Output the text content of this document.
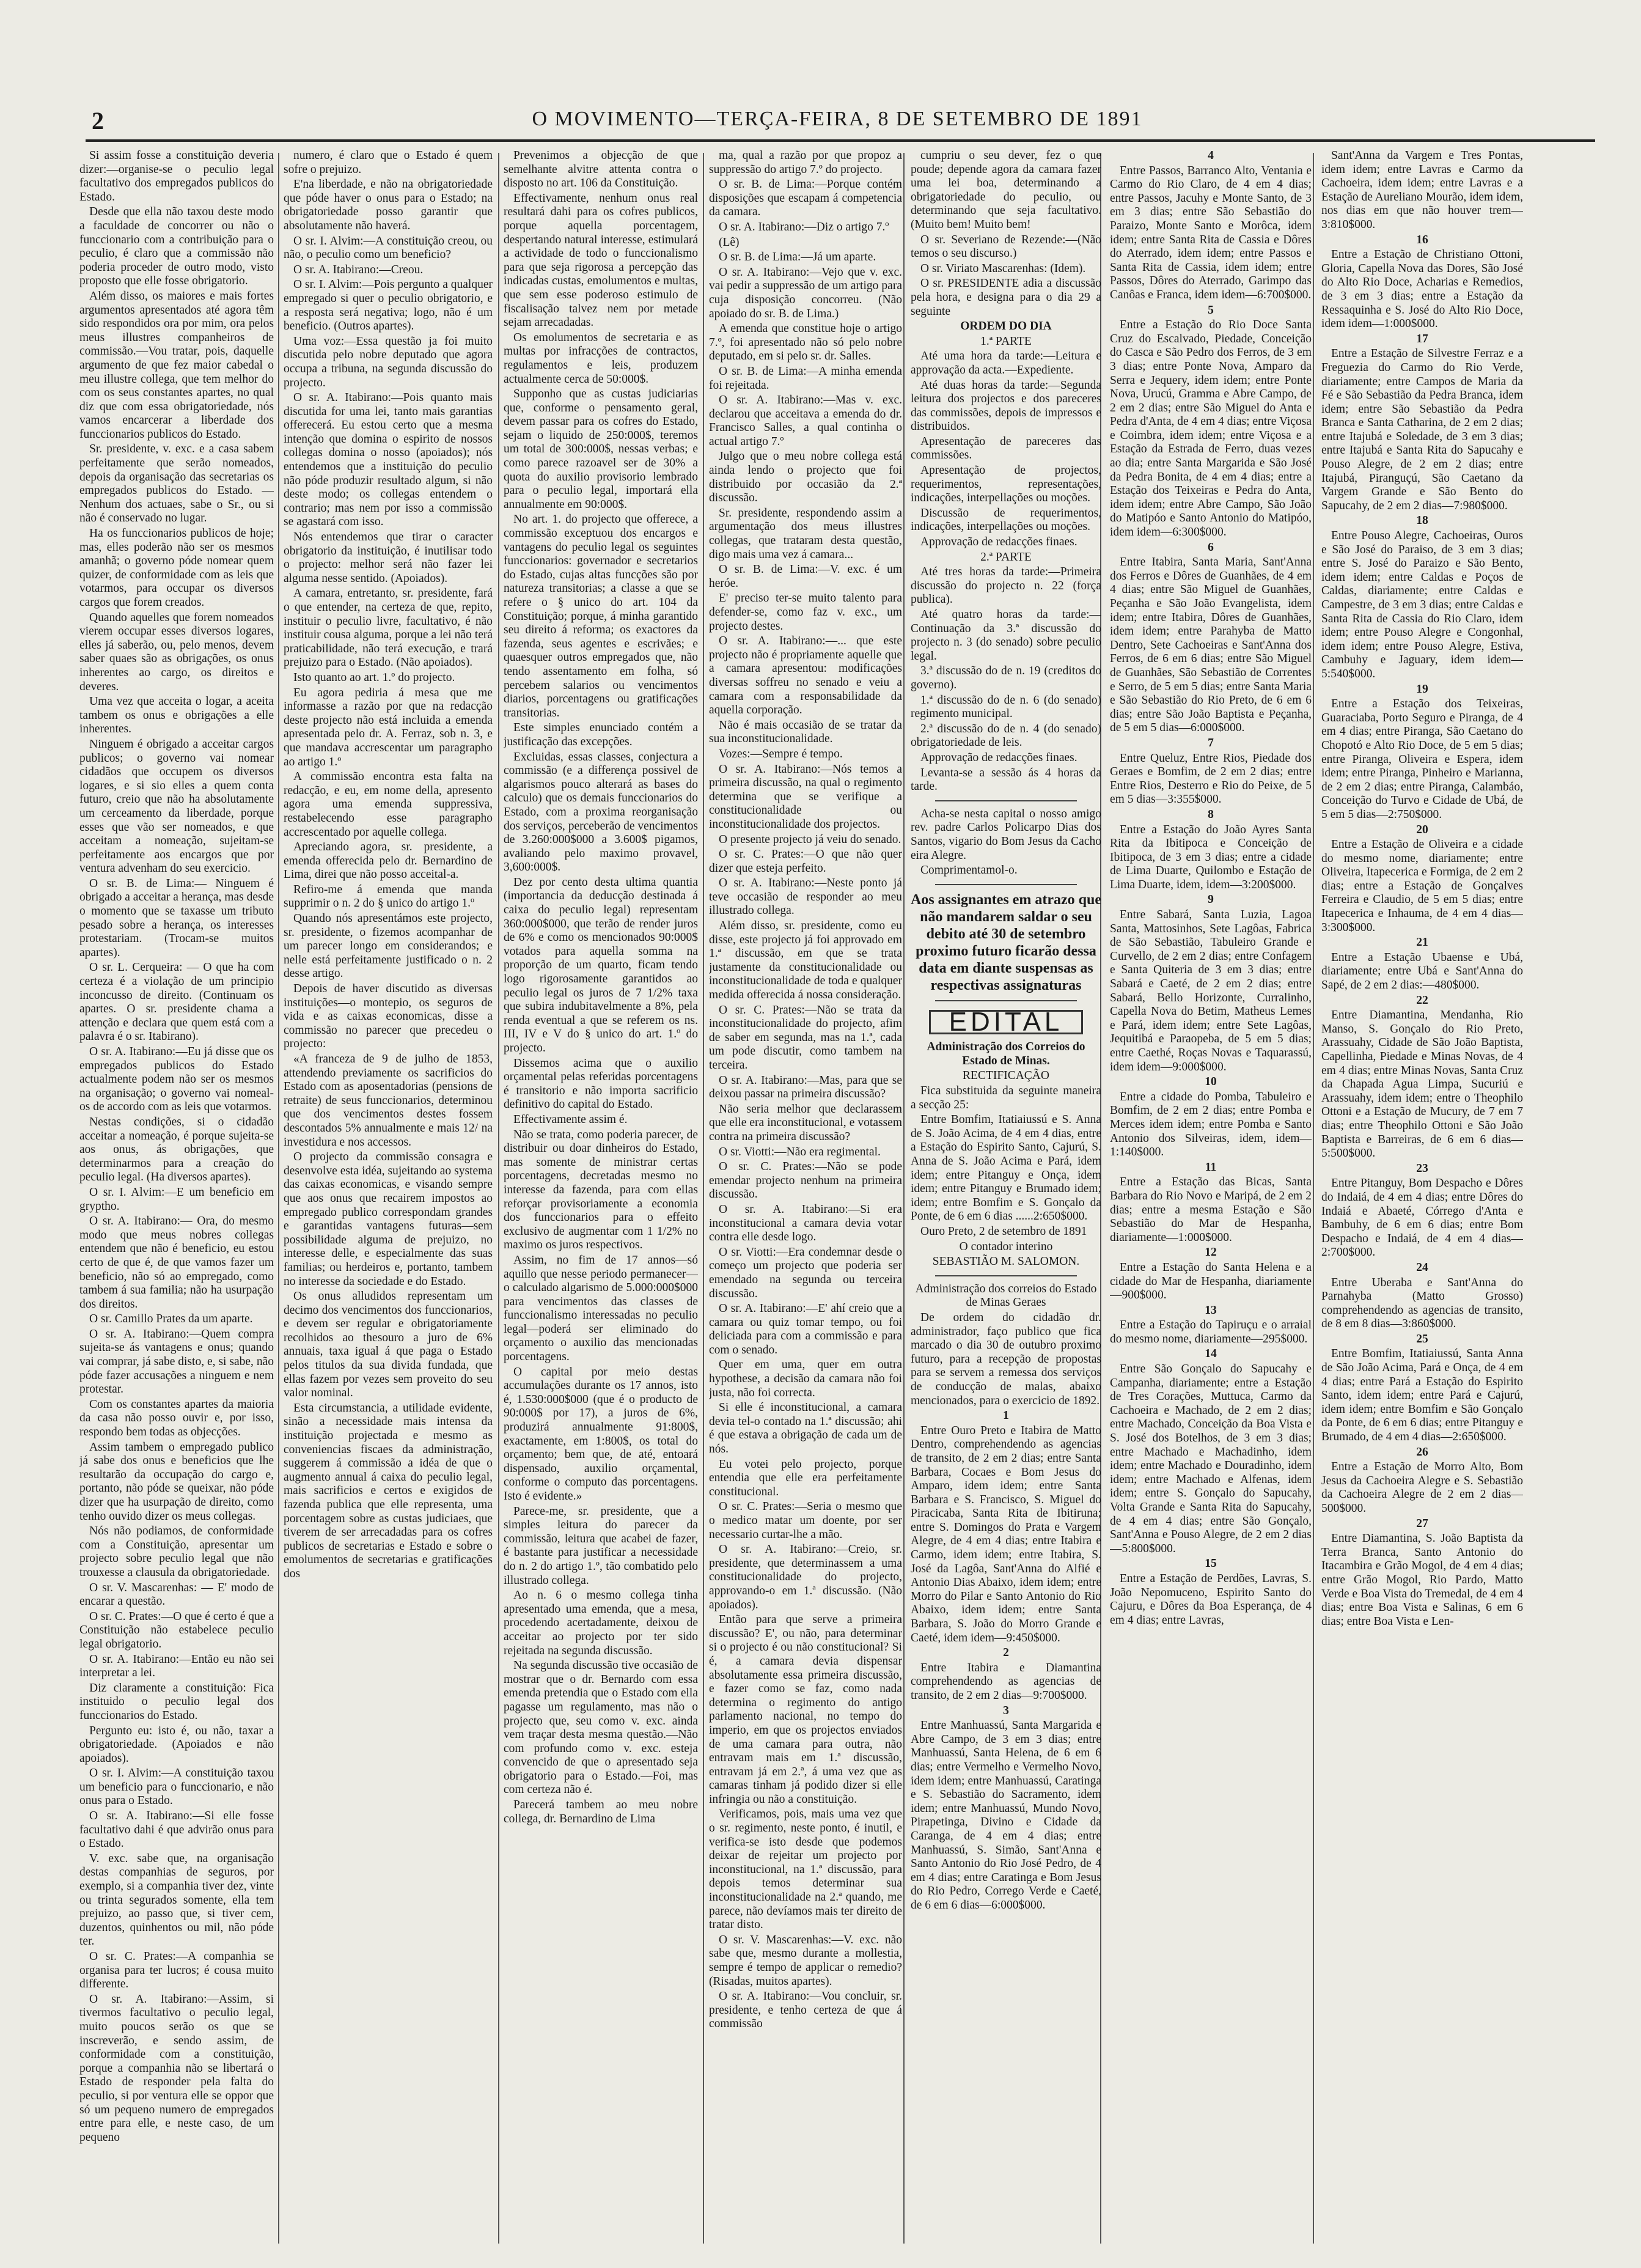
2	O MOVIMENTO—TERÇA-FEIRA, 8 DE SETEMBRO DE 1891

Si assim fosse a constituição deveria dizer:—organise-se o peculio legal facultativo dos empregados publicos do Estado.

Desde que ella não taxou deste modo a faculdade de concorrer ou não o funccionario com a contribuição para o peculio, é claro que a commissão não poderia proceder de outro modo, visto proposto que elle fosse obrigatorio.

Além disso, os maiores e mais fortes argumentos apresentados até agora têm sido respondidos ora por mim, ora pelos meus illustres companheiros de commissão.—Vou tratar, pois, daquelle argumento de que fez maior cabedal o meu illustre collega, que tem melhor do com os seus constantes apartes, no qual diz que com essa obrigatoriedade, nós vamos encarcerar a liberdade dos funccionarios publicos do Estado.

Sr. presidente, v. exc. e a casa sabem perfeitamente que serão nomeados, depois da organisação das secretarias os empregados publicos do Estado. —Nenhum dos actuaes, sabe o Sr., ou si não é conservado no lugar.

Ha os funccionarios publicos de hoje; mas, elles poderão não ser os mesmos amanhã; o governo póde nomear quem quizer, de conformidade com as leis que votarmos, para occupar os diversos cargos que forem creados.

Quando aquelles que forem nomeados vierem occupar esses diversos logares, elles já saberão, ou, pelo menos, devem saber quaes são as obrigações, os onus inherentes ao cargo, os direitos e deveres.

Uma vez que acceita o logar, a aceita tambem os onus e obrigações a elle inherentes.

Ninguem é obrigado a acceitar cargos publicos; o governo vai nomear cidadãos que occupem os diversos logares, e si sio elles a quem conta futuro, creio que não ha absolutamente um cerceamento da liberdade, porque esses que vão ser nomeados, e que acceitam a nomeação, sujeitam-se perfeitamente aos encargos que por ventura advenham do seu exercicio.

O sr. B. de Lima:— Ninguem é obrigado a acceitar a herança, mas desde o momento que se taxasse um tributo pesado sobre a herança, os interesses protestariam. (Trocam-se muitos apartes).

O sr. L. Cerqueira: — O que ha com certeza é a violação de um principio inconcusso de direito. (Continuam os apartes. O sr. presidente chama a attenção e declara que quem está com a palavra é o sr. Itabirano).

O sr. A. Itabirano:—Eu já disse que os empregados publicos do Estado actualmente podem não ser os mesmos na organisação; o governo vai nomeal-os de accordo com as leis que votarmos.

Nestas condições, si o cidadão acceitar a nomeação, é porque sujeita-se aos onus, ás obrigações, que determinarmos para a creação do peculio legal. (Ha diversos apartes).

O sr. I. Alvim:—E um beneficio em gryptho.

O sr. A. Itabirano:— Ora, do mesmo modo que meus nobres collegas entendem que não é beneficio, eu estou certo de que é, de que vamos fazer um beneficio, não só ao empregado, como tambem á sua familia; não ha usurpação dos direitos.

O sr. Camillo Prates da um aparte.

O sr. A. Itabirano:—Quem compra sujeita-se ás vantagens e onus; quando vai comprar, já sabe disto, e, si sabe, não póde fazer accusações a ninguem e nem protestar.

Com os constantes apartes da maioria da casa não posso ouvir e, por isso, respondo bem todas as objecções.

Assim tambem o empregado publico já sabe dos onus e beneficios que lhe resultarão da occupação do cargo e, portanto, não póde se queixar, não póde dizer que ha usurpação de direito, como tenho ouvido dizer os meus collegas.

Nós não podiamos, de conformidade com a Constituição, apresentar um projecto sobre peculio legal que não trouxesse a clausula da obrigatoriedade.

O sr. V. Mascarenhas: — E' modo de encarar a questão.

O sr. C. Prates:—O que é certo é que a Constituição não estabelece peculio legal obrigatorio.

O sr. A. Itabirano:—Então eu não sei interpretar a lei.

Diz claramente a constituição: Fica instituido o peculio legal dos funccionarios do Estado.

Pergunto eu: isto é, ou não, taxar a obrigatoriedade. (Apoiados e não apoiados).

O sr. I. Alvim:—A constituição taxou um beneficio para o funccionario, e não onus para o Estado.

O sr. A. Itabirano:—Si elle fosse facultativo dahi é que advirão onus para o Estado.

V. exc. sabe que, na organisação destas companhias de seguros, por exemplo, si a companhia tiver dez, vinte ou trinta segurados somente, ella tem prejuizo, ao passo que, si tiver cem, duzentos, quinhentos ou mil, não póde ter.

O sr. C. Prates:—A companhia se organisa para ter lucros; é cousa muito differente.

O sr. A. Itabirano:—Assim, si tivermos facultativo o peculio legal, muito poucos serão os que se inscreverão, e sendo assim, de conformidade com a constituição, porque a companhia não se libertará o Estado de responder pela falta do peculio, si por ventura elle se oppor que só um pequeno numero de empregados entre para elle, e neste caso, de um pequeno

numero, é claro que o Estado é quem sofre o prejuizo.

E'na liberdade, e não na obrigatoriedade que póde haver o onus para o Estado; na obrigatoriedade posso garantir que absolutamente não haverá.

O sr. I. Alvim:—A constituição creou, ou não, o peculio como um beneficio?

O sr. A. Itabirano:—Creou.

O sr. I. Alvim:—Pois pergunto a qualquer empregado si quer o peculio obrigatorio, e a resposta será negativa; logo, não é um beneficio. (Outros apartes).

Uma voz:—Essa questão ja foi muito discutida pelo nobre deputado que agora occupa a tribuna, na segunda discussão do projecto.

O sr. A. Itabirano:—Pois quanto mais discutida for uma lei, tanto mais garantias offerecerá. Eu estou certo que a mesma intenção que domina o espirito de nossos collegas domina o nosso (apoiados); nós entendemos que a instituição do peculio não póde produzir resultado algum, si não deste modo; os collegas entendem o contrario; mas nem por isso a commissão se agastará com isso.

Nós entendemos que tirar o caracter obrigatorio da instituição, é inutilisar todo o projecto: melhor será não fazer lei alguma nesse sentido. (Apoiados).

A camara, entretanto, sr. presidente, fará o que entender, na certeza de que, repito, instituir o peculio livre, facultativo, é não instituir cousa alguma, porque a lei não terá praticabilidade, não terá execução, e trará prejuizo para o Estado. (Não apoiados).

Isto quanto ao art. 1.º do projecto.

Eu agora pediria á mesa que me informasse a razão por que na redacção deste projecto não está incluida a emenda apresentada pelo dr. A. Ferraz, sob n. 3, e que mandava accrescentar um paragrapho ao artigo 1.º

A commissão encontra esta falta na redacção, e eu, em nome della, apresento agora uma emenda suppressiva, restabelecendo esse paragrapho accrescentado por aquelle collega.

Apreciando agora, sr. presidente, a emenda offerecida pelo dr. Bernardino de Lima, direi que não posso acceital-a.

Refiro-me á emenda que manda supprimir o n. 2 do § unico do artigo 1.º

Quando nós apresentámos este projecto, sr. presidente, o fizemos acompanhar de um parecer longo em considerandos; e nelle está perfeitamente justificado o n. 2 desse artigo.

Depois de haver discutido as diversas instituições—o montepio, os seguros de vida e as caixas economicas, disse a commissão no parecer que precedeu o projecto:

«A franceza de 9 de julho de 1853, attendendo previamente os sacrificios do Estado com as aposentadorias (pensions de retraite) de seus funccionarios, determinou que dos vencimentos destes fossem descontados 5% annualmente e mais 12/ na investidura e nos accessos.

O projecto da commissão consagra e desenvolve esta idéa, sujeitando ao systema das caixas economicas, e visando sempre que aos onus que recairem impostos ao empregado publico correspondam grandes e garantidas vantagens futuras—sem possibilidade alguma de prejuizo, no interesse delle, e especialmente das suas familias; ou herdeiros e, portanto, tambem no interesse da sociedade e do Estado.

Os onus alludidos representam um decimo dos vencimentos dos funccionarios, e devem ser regular e obrigatoriamente recolhidos ao thesouro a juro de 6% annuais, taxa igual á que paga o Estado pelos titulos da sua divida fundada, que ellas fazem por vezes sem proveito do seu valor nominal.

Esta circumstancia, a utilidade evidente, sinão a necessidade mais intensa da instituição projectada e mesmo as conveniencias fiscaes da administração, suggerem á commissão a idéa de que o augmento annual á caixa do peculio legal, mais sacrificios e certos e exigidos de fazenda publica que elle representa, uma porcentagem sobre as custas judiciaes, que tiverem de ser arrecadadas para os cofres publicos de secretarias e Estado e sobre o emolumentos de secretarias e gratificações dos

Prevenimos a objecção de que semelhante alvitre attenta contra o disposto no art. 106 da Constituição.

Effectivamente, nenhum onus real resultará dahi para os cofres publicos, porque aquella porcentagem, despertando natural interesse, estimulará a actividade de todo o funccionalismo para que seja rigorosa a percepção das indicadas custas, emolumentos e multas, que sem esse poderoso estimulo de fiscalisação talvez nem por metade sejam arrecadadas.

Os emolumentos de secretaria e as multas por infracções de contractos, regulamentos e leis, produzem actualmente cerca de 50:000$.

Supponho que as custas judiciarias que, conforme o pensamento geral, devem passar para os cofres do Estado, sejam o liquido de 250:000$, teremos um total de 300:000$, nessas verbas; e como parece razoavel ser de 30% a quota do auxilio provisorio lembrado para o peculio legal, importará ella annualmente em 90:000$.

No art. 1. do projecto que offerece, a commissão exceptuou dos encargos e vantagens do peculio legal os seguintes funccionarios: governador e secretarios do Estado, cujas altas funcções são por natureza transitorias; a classe a que se refere o § unico do art. 104 da Constituição; porque, á minha garantido seu direito á reforma; os exactores da fazenda, seus agentes e escrivães; e quaesquer outros empregados que, não tendo assentamento em folha, só percebem salarios ou vencimentos diarios, porcentagens ou gratificações transitorias.

Este simples enunciado contém a justificação das excepções.

Excluidas, essas classes, conjectura a commissão (e a differença possivel de algarismos pouco alterará as bases do calculo) que os demais funccionarios do Estado, com a proxima reorganisação dos serviços, perceberão de vencimentos de 3.260:000$000 a 3.600$ pigamos, avaliando pelo maximo provavel, 3,600:000$.

Dez por cento desta ultima quantia (importancia da deducção destinada á caixa do peculio legal) representam 360:000$000, que terão de render juros de 6% e como os mencionados 90:000$ votados para aquella somma na proporção de um quarto, ficam tendo logo rigorosamente garantidos ao peculio legal os juros de 7 1/2% taxa que subira indubitavelmente a 8%, pela renda eventual a que se referem os ns. III, IV e V do § unico do art. 1.º do projecto.

Dissemos acima que o auxilio orçamental pelas referidas porcentagens é transitorio e não importa sacrificio definitivo do capital do Estado.

Effectivamente assim é.

Não se trata, como poderia parecer, de distribuir ou doar dinheiros do Estado, mas somente de ministrar certas porcentagens, decretadas mesmo no interesse da fazenda, para com ellas reforçar provisoriamente a economia dos funccionarios para o effeito exclusivo de augmentar com 1 1/2% no maximo os juros respectivos.

Assim, no fim de 17 annos—só aquillo que nesse periodo permanecer—o calculado algarismo de 5.000:000$000 para vencimentos das classes de funccionalismo interessadas no peculio legal—poderá ser eliminado do orçamento o auxilio das mencionadas porcentagens.

O capital por meio destas accumulações durante os 17 annos, isto é, 1.530:000$000 (que é o producto de 90:000$ por 17), a juros de 6%, produzirá annualmente 91:800$, exactamente, em 1:800$, os total do orçamento; bem que, de até, entoará dispensado, auxilio orçamental, conforme o computo das porcentagens. Isto é evidente.»

Parece-me, sr. presidente, que a simples leitura do parecer da commissão, leitura que acabei de fazer, é bastante para justificar a necessidade do n. 2 do artigo 1.º, tão combatido pelo illustrado collega.

Ao n. 6 o mesmo collega tinha apresentado uma emenda, que a mesa, procedendo acertadamente, deixou de acceitar ao projecto por ter sido rejeitada na segunda discussão.

Na segunda discussão tive occasião de mostrar que o dr. Bernardo com essa emenda pretendia que o Estado com ella pagasse um regulamento, mas não o projecto que, seu como v. exc. ainda vem traçar desta mesma questão.—Não com profundo como v. exc. esteja convencido de que o apresentado seja obrigatorio para o Estado.—Foi, mas com certeza não é.

Parecerá tambem ao meu nobre collega, dr. Bernardino de Lima

ma, qual a razão por que propoz a suppressão do artigo 7.º do projecto.

O sr. B. de Lima:—Porque contém disposições que escapam á competencia da camara.

O sr. A. Itabirano:—Diz o artigo 7.º

(Lê)

O sr. B. de Lima:—Já um aparte.

O sr. A. Itabirano:—Vejo que v. exc. vai pedir a suppressão de um artigo para cuja disposição concorreu. (Não apoiado do sr. B. de Lima.)

A emenda que constitue hoje o artigo 7.º, foi apresentado não só pelo nobre deputado, em si pelo sr. dr. Salles.

O sr. B. de Lima:—A minha emenda foi rejeitada.

O sr. A. Itabirano:—Mas v. exc. declarou que acceitava a emenda do dr. Francisco Salles, a qual continha o actual artigo 7.º

Julgo que o meu nobre collega está ainda lendo o projecto que foi distribuido por occasião da 2.ª discussão.

Sr. presidente, respondendo assim a argumentação dos meus illustres collegas, que trataram desta questão, digo mais uma vez á camara...

O sr. B. de Lima:—V. exc. é um heróe.

E' preciso ter-se muito talento para defender-se, como faz v. exc., um projecto destes.

O sr. A. Itabirano:—... que este projecto não é propriamente aquelle que a camara apresentou: modificações diversas soffreu no senado e veiu a camara com a responsabilidade da aquella corporação.

Não é mais occasião de se tratar da sua inconstitucionalidade.

Vozes:—Sempre é tempo.

O sr. A. Itabirano:—Nós temos a primeira discussão, na qual o regimento determina que se verifique a constitucionalidade ou inconstitucionalidade dos projectos.

O presente projecto já veiu do senado.

O sr. C. Prates:—O que não quer dizer que esteja perfeito.

O sr. A. Itabirano:—Neste ponto já teve occasião de responder ao meu illustrado collega.

Além disso, sr. presidente, como eu disse, este projecto já foi approvado em 1.ª discussão, em que se trata justamente da constitucionalidade ou inconstitucionalidade de toda e qualquer medida offerecida á nossa consideração.

O sr. C. Prates:—Não se trata da inconstitucionalidade do projecto, afim de saber em segunda, mas na 1.ª, cada um pode discutir, como tambem na terceira.

O sr. A. Itabirano:—Mas, para que se deixou passar na primeira discussão?

Não seria melhor que declarassem que elle era inconstitucional, e votassem contra na primeira discussão?

O sr. Viotti:—Não era regimental.

O sr. C. Prates:—Não se pode emendar projecto nenhum na primeira discussão.

O sr. A. Itabirano:—Si era inconstitucional a camara devia votar contra elle desde logo.

O sr. Viotti:—Era condemnar desde o começo um projecto que poderia ser emendado na segunda ou terceira discussão.

O sr. A. Itabirano:—E' ahí creio que a camara ou quiz tomar tempo, ou foi deliciada para com a commissão e para com o senado.

Quer em uma, quer em outra hypothese, a decisão da camara não foi justa, não foi correcta.

Si elle é inconstitucional, a camara devia tel-o contado na 1.ª discussão; ahi é que estava a obrigação de cada um de nós.

Eu votei pelo projecto, porque entendia que elle era perfeitamente constitucional.

O sr. C. Prates:—Seria o mesmo que o medico matar um doente, por ser necessario curtar-lhe a mão.

O sr. A. Itabirano:—Creio, sr. presidente, que determinassem a uma constitucionalidade do projecto, approvando-o em 1.ª discussão. (Não apoiados).

Então para que serve a primeira discussão? E', ou não, para determinar si o projecto é ou não constitucional? Si é, a camara devia dispensar absolutamente essa primeira discussão, e fazer como se faz, como nada determina o regimento do antigo parlamento nacional, no tempo do imperio, em que os projectos enviados de uma camara para outra, não entravam mais em 1.ª discussão, entravam já em 2.ª, á uma vez que as camaras tinham já podido dizer si elle infringia ou não a constituição.

Verificamos, pois, mais uma vez que o sr. regimento, neste ponto, é inutil, e verifica-se isto desde que podemos deixar de rejeitar um projecto por inconstitucional, na 1.ª discussão, para depois temos determinar sua inconstitucionalidade na 2.ª quando, me parece, não devíamos mais ter direito de tratar disto.

O sr. V. Mascarenhas:—V. exc. não sabe que, mesmo durante a mollestia, sempre é tempo de applicar o remedio? (Risadas, muitos apartes).

O sr. A. Itabirano:—Vou concluir, sr. presidente, e tenho certeza de que á commissão

cumpriu o seu dever, fez o que poude; depende agora da camara fazer uma lei boa, determinando a obrigatoriedade do peculio, ou determinando que seja facultativo. (Muito bem! Muito bem!

O sr. Severiano de Rezende:—(Não temos o seu discurso.)

O sr. Viriato Mascarenhas: (Idem).

O sr. PRESIDENTE adia a discussão pela hora, e designa para o dia 29 a seguinte

ORDEM DO DIA

1.ª PARTE

Até uma hora da tarde:—Leitura e approvação da acta.—Expediente.

Até duas horas da tarde:—Segunda leitura dos projectos e dos pareceres das commissões, depois de impressos e distribuidos.

Apresentação de pareceres das commissões.

Apresentação de projectos, requerimentos, representações, indicações, interpellações ou moções.

Discussão de requerimentos, indicações, interpellações ou moções.

Approvação de redacções finaes.

2.ª PARTE

Até tres horas da tarde:—Primeira discussão do projecto n. 22 (força publica).

Até quatro horas da tarde:—Continuação da 3.ª discussão do projecto n. 3 (do senado) sobre peculio legal.

3.ª discussão do de n. 19 (creditos do governo).

1.ª discussão do de n. 6 (do senado) regimento municipal.

2.ª discussão do de n. 4 (do senado) obrigatoriedade de leis.

Approvação de redacções finaes.

Levanta-se a sessão ás 4 horas da tarde.

Acha-se nesta capital o nosso amigo rev. padre Carlos Policarpo Dias dos Santos, vigario do Bom Jesus da Cacho eira Alegre.

Comprimentamol-o.

Aos assignantes em atrazo que não mandarem saldar o seu debito até 30 de setembro proximo futuro ficarão dessa data em diante suspensas as respectivas assignaturas
EDITAL

Administração dos Correios do Estado de Minas.

RECTIFICAÇÃO

Fica substituida da seguinte maneira a secção 25:

Entre Bomfim, Itatiaiussú e S. Anna de S. João Acima, de 4 em 4 dias, entre a Estação do Espirito Santo, Cajurú, S. Anna de S. João Acima e Pará, idem idem; entre Pitanguy e Onça, idem idem; entre Pitanguy e Brumado idem; idem; entre Bomfim e S. Gonçalo da Ponte, de 6 em 6 dias ......2:650$000.

Ouro Preto, 2 de setembro de 1891

O contador interino

SEBASTIÃO M. SALOMON.

Administração dos correios do Estado de Minas Geraes

De ordem do cidadão dr. administrador, faço publico que fica marcado o dia 30 de outubro proximo futuro, para a recepção de propostas para se servem a remessa dos serviços de conducção de malas, abaixo mencionados, para o exercicio de 1892.

1

Entre Ouro Preto e Itabira de Matto Dentro, comprehendendo as agencias de transito, de 2 em 2 dias; entre Santa Barbara, Cocaes e Bom Jesus do Amparo, idem idem; entre Santa Barbara e S. Francisco, S. Miguel do Piracicaba, Santa Rita de Ibitiruna; entre S. Domingos do Prata e Vargem Alegre, de 4 em 4 dias; entre Itabira e Carmo, idem idem; entre Itabira, S. José da Lagôa, Sant'Anna do Alfié e Antonio Dias Abaixo, idem idem; entre Morro do Pilar e Santo Antonio do Rio Abaixo, idem idem; entre Santa Barbara, S. João do Morro Grande e Caeté, idem idem—9:450$000.

2

Entre Itabira e Diamantina comprehendendo as agencias de transito, de 2 em 2 dias—9:700$000.

3

Entre Manhuassú, Santa Margarida e Abre Campo, de 3 em 3 dias; entre Manhuassú, Santa Helena, de 6 em 6 dias; entre Vermelho e Vermelho Novo, idem idem; entre Manhuassú, Caratinga e S. Sebastião do Sacramento, idem idem; entre Manhuassú, Mundo Novo, Pirapetinga, Divino e Cidade da Caranga, de 4 em 4 dias; entre Manhuassú, S. Simão, Sant'Anna e Santo Antonio do Rio José Pedro, de 4 em 4 dias; entre Caratinga e Bom Jesus do Rio Pedro, Corrego Verde e Caeté, de 6 em 6 dias—6:000$000.

4

Entre Passos, Barranco Alto, Ventania e Carmo do Rio Claro, de 4 em 4 dias; entre Passos, Jacuhy e Monte Santo, de 3 em 3 dias; entre São Sebastião do Paraizo, Monte Santo e Morôca, idem idem; entre Santa Rita de Cassia e Dôres do Aterrado, idem idem; entre Passos e Santa Rita de Cassia, idem idem; entre Passos, Dôres do Aterrado, Garimpo das Canôas e Franca, idem idem—6:700$000.

5

Entre a Estação do Rio Doce Santa Cruz do Escalvado, Piedade, Conceição do Casca e São Pedro dos Ferros, de 3 em 3 dias; entre Ponte Nova, Amparo da Serra e Jequery, idem idem; entre Ponte Nova, Urucú, Gramma e Abre Campo, de 2 em 2 dias; entre São Miguel do Anta e Pedra d'Anta, de 4 em 4 dias; entre Viçosa e Coimbra, idem idem; entre Viçosa e a Estação da Estrada de Ferro, duas vezes ao dia; entre Santa Margarida e São José da Pedra Bonita, de 4 em 4 dias; entre a Estação dos Teixeiras e Pedra do Anta, idem idem; entre Abre Campo, São João do Matipóo e Santo Antonio do Matipóo, idem idem—6:300$000.

6

Entre Itabira, Santa Maria, Sant'Anna dos Ferros e Dôres de Guanhães, de 4 em 4 dias; entre São Miguel de Guanhães, Peçanha e São João Evangelista, idem idem; entre Itabira, Dôres de Guanhães, idem idem; entre Parahyba de Matto Dentro, Sete Cachoeiras e Sant'Anna dos Ferros, de 6 em 6 dias; entre São Miguel de Guanhães, São Sebastião de Correntes e Serro, de 5 em 5 dias; entre Santa Maria e São Sebastião do Rio Preto, de 6 em 6 dias; entre São João Baptista e Peçanha, de 5 em 5 dias—6:000$000.

7

Entre Queluz, Entre Rios, Piedade dos Geraes e Bomfim, de 2 em 2 dias; entre Entre Rios, Desterro e Rio do Peixe, de 5 em 5 dias—3:355$000.

8

Entre a Estação do João Ayres Santa Rita da Ibitipoca e Conceição de Ibitipoca, de 3 em 3 dias; entre a cidade de Lima Duarte, Quilombo e Estação de Lima Duarte, idem, idem—3:200$000.

9

Entre Sabará, Santa Luzia, Lagoa Santa, Mattosinhos, Sete Lagôas, Fabrica de São Sebastião, Tabuleiro Grande e Curvello, de 2 em 2 dias; entre Confagem e Santa Quiteria de 3 em 3 dias; entre Sabará e Caeté, de 2 em 2 dias; entre Sabará, Bello Horizonte, Curralinho, Capella Nova do Betim, Matheus Lemes e Pará, idem idem; entre Sete Lagôas, Jequitibá e Paraopeba, de 5 em 5 dias; entre Caethé, Roças Novas e Taquarassú, idem idem—9:000$000.

10

Entre a cidade do Pomba, Tabuleiro e Bomfim, de 2 em 2 dias; entre Pomba e Merces idem idem; entre Pomba e Santo Antonio dos Silveiras, idem, idem—1:140$000.

11

Entre a Estação das Bicas, Santa Barbara do Rio Novo e Maripá, de 2 em 2 dias; entre a mesma Estação e São Sebastião do Mar de Hespanha, diariamente—1:000$000.

12

Entre a Estação do Santa Helena e a cidade do Mar de Hespanha, diariamente—900$000.

13

Entre a Estação do Tapiruçu e o arraial do mesmo nome, diariamente—295$000.

14

Entre São Gonçalo do Sapucahy e Campanha, diariamente; entre a Estação de Tres Corações, Muttuca, Carmo da Cachoeira e Machado, de 2 em 2 dias; entre Machado, Conceição da Boa Vista e S. José dos Botelhos, de 3 em 3 dias; entre Machado e Machadinho, idem idem; entre Machado e Douradinho, idem idem; entre Machado e Alfenas, idem idem; entre S. Gonçalo do Sapucahy, Volta Grande e Santa Rita do Sapucahy, de 4 em 4 dias; entre São Gonçalo, Sant'Anna e Pouso Alegre, de 2 em 2 dias—5:800$000.

15

Entre a Estação de Perdões, Lavras, S. João Nepomuceno, Espirito Santo do Cajuru, e Dôres da Boa Esperança, de 4 em 4 dias; entre Lavras,

Sant'Anna da Vargem e Tres Pontas, idem idem; entre Lavras e Carmo da Cachoeira, idem idem; entre Lavras e a Estação de Aureliano Mourão, idem idem, nos dias em que não houver trem—3:810$000.

16

Entre a Estação de Christiano Ottoni, Gloria, Capella Nova das Dores, São José do Alto Rio Doce, Acharias e Remedios, de 3 em 3 dias; entre a Estação da Ressaquinha e S. José do Alto Rio Doce, idem idem—1:000$000.

17

Entre a Estação de Silvestre Ferraz e a Freguezia do Carmo do Rio Verde, diariamente; entre Campos de Maria da Fé e São Sebastião da Pedra Branca, idem idem; entre São Sebastião da Pedra Branca e Santa Catharina, de 2 em 2 dias; entre Itajubá e Soledade, de 3 em 3 dias; entre Itajubá e Santa Rita do Sapucahy e Pouso Alegre, de 2 em 2 dias; entre Itajubá, Piranguçú, São Caetano da Vargem Grande e São Bento do Sapucahy, de 2 em 2 dias—7:980$000.

18

Entre Pouso Alegre, Cachoeiras, Ouros e São José do Paraiso, de 3 em 3 dias; entre S. José do Paraizo e São Bento, idem idem; entre Caldas e Poços de Caldas, diariamente; entre Caldas e Campestre, de 3 em 3 dias; entre Caldas e Santa Rita de Cassia do Rio Claro, idem idem; entre Pouso Alegre e Congonhal, idem idem; entre Pouso Alegre, Estiva, Cambuhy e Jaguary, idem idem—5:540$000.

19

Entre a Estação dos Teixeiras, Guaraciaba, Porto Seguro e Piranga, de 4 em 4 dias; entre Piranga, São Caetano do Chopotó e Alto Rio Doce, de 5 em 5 dias; entre Piranga, Oliveira e Espera, idem idem; entre Piranga, Pinheiro e Marianna, de 2 em 2 dias; entre Piranga, Calambáo, Conceição do Turvo e Cidade de Ubá, de 5 em 5 dias—2:750$000.

20

Entre a Estação de Oliveira e a cidade do mesmo nome, diariamente; entre Oliveira, Itapecerica e Formiga, de 2 em 2 dias; entre a Estação de Gonçalves Ferreira e Claudio, de 5 em 5 dias; entre Itapecerica e Inhauma, de 4 em 4 dias—3:300$000.

21

Entre a Estação Ubaense e Ubá, diariamente; entre Ubá e Sant'Anna do Sapé, de 2 em 2 dias:—480$000.

22

Entre Diamantina, Mendanha, Rio Manso, S. Gonçalo do Rio Preto, Arassuahy, Cidade de São João Baptista, Capellinha, Piedade e Minas Novas, de 4 em 4 dias; entre Minas Novas, Santa Cruz da Chapada Agua Limpa, Sucuriú e Arassuahy, idem idem; entre o Theophilo Ottoni e a Estação de Mucury, de 7 em 7 dias; entre Theophilo Ottoni e São João Baptista e Barreiras, de 6 em 6 dias—5:500$000.

23

Entre Pitanguy, Bom Despacho e Dôres do Indaiá, de 4 em 4 dias; entre Dôres do Indaiá e Abaeté, Córrego d'Anta e Bambuhy, de 6 em 6 dias; entre Bom Despacho e Indaiá, de 4 em 4 dias—2:700$000.

24

Entre Uberaba e Sant'Anna do Parnahyba (Matto Grosso) comprehendendo as agencias de transito, de 8 em 8 dias—3:860$000.

25

Entre Bomfim, Itatiaiussú, Santa Anna de São João Acima, Pará e Onça, de 4 em 4 dias; entre Pará a Estação do Espirito Santo, idem idem; entre Pará e Cajurú, idem idem; entre Bomfim e São Gonçalo da Ponte, de 6 em 6 dias; entre Pitanguy e Brumado, de 4 em 4 dias—2:650$000.

26

Entre a Estação de Morro Alto, Bom Jesus da Cachoeira Alegre e S. Sebastião da Cachoeira Alegre de 2 em 2 dias—500$000.

27

Entre Diamantina, S. João Baptista da Terra Branca, Santo Antonio do Itacambira e Grão Mogol, de 4 em 4 dias; entre Grão Mogol, Rio Pardo, Matto Verde e Boa Vista do Tremedal, de 4 em 4 dias; entre Boa Vista e Salinas, 6 em 6 dias; entre Boa Vista e Len-
